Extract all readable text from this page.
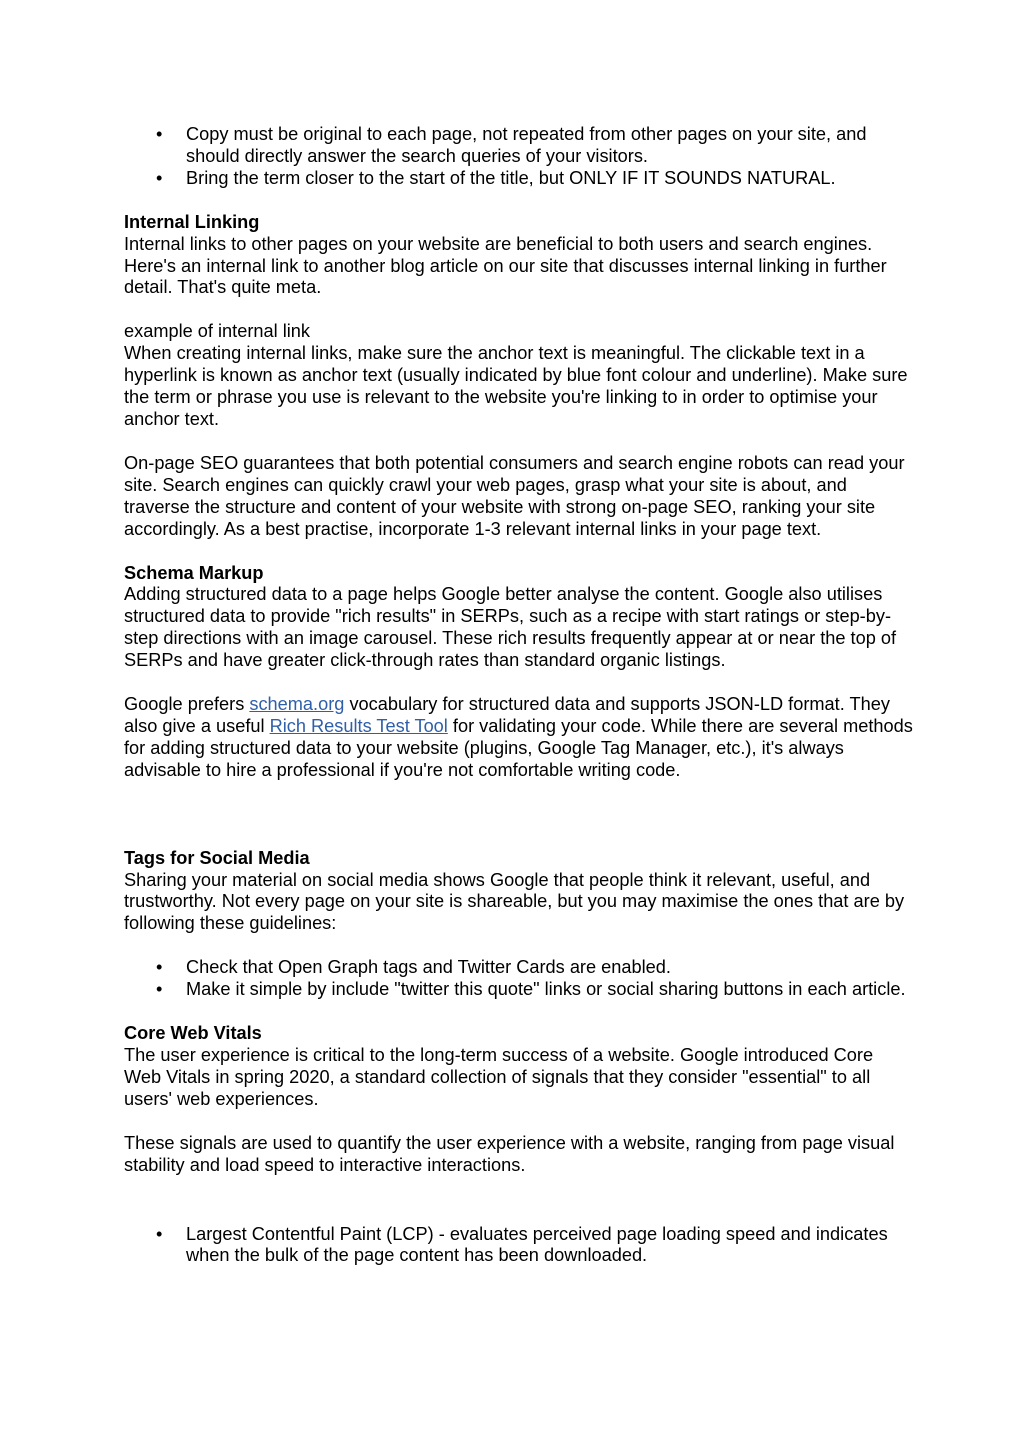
• Copy must be original to each page, not repeated from other pages on your site, and should directly answer the search queries of your visitors.
• Bring the term closer to the start of the title, but ONLY IF IT SOUNDS NATURAL.

Internal Linking

Internal links to other pages on your website are beneficial to both users and search engines. Here's an internal link to another blog article on our site that discusses internal linking in further detail. That's quite meta.

example of internal link

When creating internal links, make sure the anchor text is meaningful. The clickable text in a hyperlink is known as anchor text (usually indicated by blue font colour and underline). Make sure the term or phrase you use is relevant to the website you're linking to in order to optimise your anchor text.

On-page SEO guarantees that both potential consumers and search engine robots can read your site. Search engines can quickly crawl your web pages, grasp what your site is about, and traverse the structure and content of your website with strong on-page SEO, ranking your site accordingly. As a best practise, incorporate 1-3 relevant internal links in your page text.

Schema Markup

Adding structured data to a page helps Google better analyse the content. Google also utilises structured data to provide "rich results" in SERPs, such as a recipe with start ratings or step-by-step directions with an image carousel. These rich results frequently appear at or near the top of SERPs and have greater click-through rates than standard organic listings.

Google prefers schema.org vocabulary for structured data and supports JSON-LD format. They also give a useful Rich Results Test Tool for validating your code. While there are several methods for adding structured data to your website (plugins, Google Tag Manager, etc.), it's always advisable to hire a professional if you're not comfortable writing code.

Tags for Social Media

Sharing your material on social media shows Google that people think it relevant, useful, and trustworthy. Not every page on your site is shareable, but you may maximise the ones that are by following these guidelines:

• Check that Open Graph tags and Twitter Cards are enabled.
• Make it simple by include "twitter this quote" links or social sharing buttons in each article.

Core Web Vitals

The user experience is critical to the long-term success of a website. Google introduced Core Web Vitals in spring 2020, a standard collection of signals that they consider "essential" to all users' web experiences.

These signals are used to quantify the user experience with a website, ranging from page visual stability and load speed to interactive interactions.

• Largest Contentful Paint (LCP) - evaluates perceived page loading speed and indicates when the bulk of the page content has been downloaded.
